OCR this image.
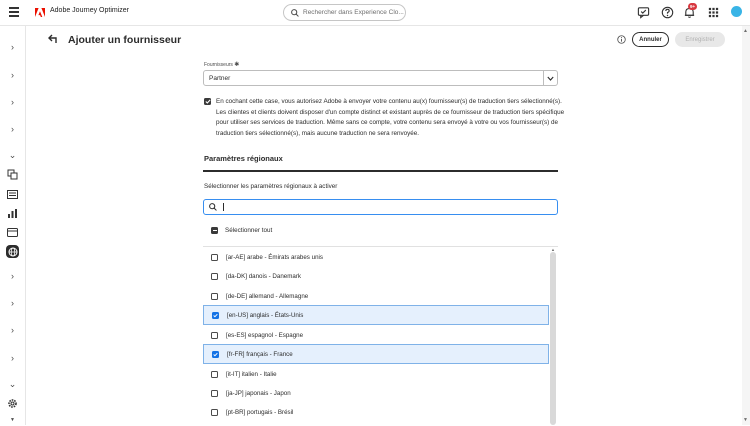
Adobe Journey Optimizer	Rechercher dans Experience Clo...
9+
›
›
›
›
⌄
›
›
›
›
⌄
▼
Ajouter un fournisseur	Annuler	Enregistrer
Fournisseurs ✱
Partner

En cochant cette case, vous autorisez Adobe à envoyer votre contenu au(x) fournisseur(s) de traduction tiers sélectionné(s). Les clientes et clients doivent disposer d'un compte distinct et existant auprès de ce fournisseur de traduction tiers spécifique pour utiliser ses services de traduction. Même sans ce compte, votre contenu sera envoyé à votre ou vos fournisseur(s) de traduction tiers sélectionné(s), mais aucune traduction ne sera renvoyée.

Paramètres régionaux

Sélectionner les paramètres régionaux à activer

Sélectionner tout
[ar-AE] arabe - Émirats arabes unis
[da-DK] danois - Danemark
[de-DE] allemand - Allemagne
[en-US] anglais - États-Unis
[es-ES] espagnol - Espagne
[fr-FR] français - France
[it-IT] italien - Italie
[ja-JP] japonais - Japon
[pt-BR] portugais - Brésil
▲
▲
▼
